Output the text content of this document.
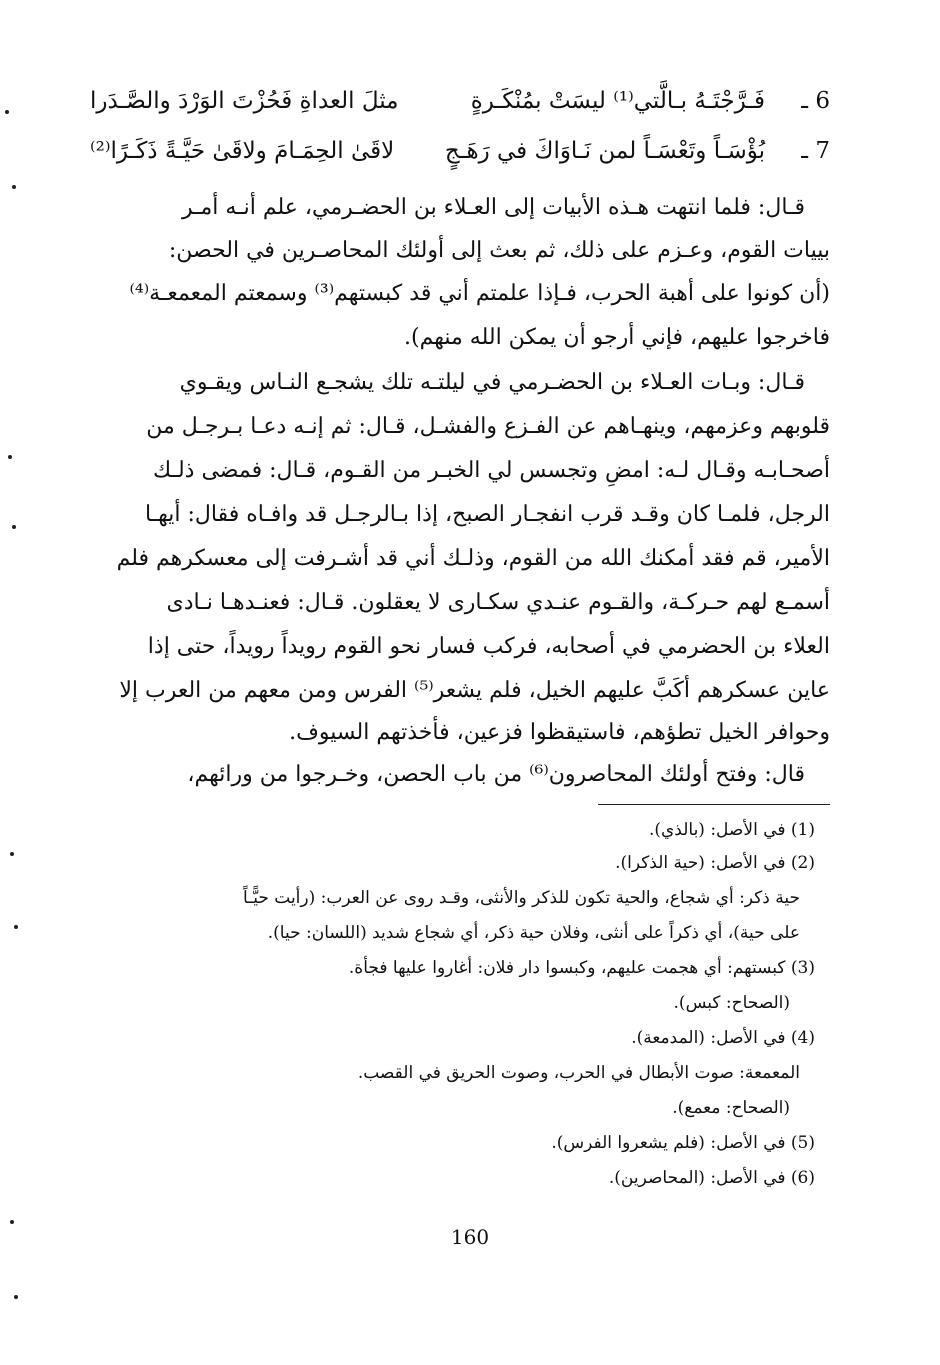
6 ـ
فَـرَّجْتَـهُ بـالَّتي⁽¹⁾ ليسَتْ بمُنْكَـرةٍ
مثلَ العداةِ فَحُزْتَ الوَرْدَ والصَّـدَرا
7 ـ
بُؤْسَـاً وتَعْسَـاً لمن نَـاوَاكَ في رَهَـجٍ
لاقَىٰ الحِمَـامَ ولاقَىٰ حَيَّـةً ذَكَـرًا⁽²⁾
قـال: فلما انتهت هـذه الأبيات إلى العـلاء بن الحضـرمي، علم أنـه أمـر
بييات القوم، وعـزم على ذلك، ثم بعث إلى أولئك المحاصـرين في الحصن:
(أن كونوا على أهبة الحرب، فـإذا علمتم أني قد كبستهم⁽³⁾ وسمعتم المعمعـة⁽⁴⁾
فاخرجوا عليهم، فإني أرجو أن يمكن الله منهم).
قـال: وبـات العـلاء بن الحضـرمي في ليلتـه تلك يشجـع النـاس ويقـوي
قلوبهم وعزمهم، وينهـاهم عن الفـزع والفشـل، قـال: ثم إنـه دعـا بـرجـل من
أصحـابـه وقـال لـه: امضِ وتجسس لي الخبـر من القـوم، قـال: فمضى ذلـك
الرجل، فلمـا كان وقـد قرب انفجـار الصبح، إذا بـالرجـل قد وافـاه فقال: أيهـا
الأمير، قم فقد أمكنك الله من القوم، وذلـك أني قد أشـرفت إلى معسكرهم فلم
أسمـع لهم حـركـة، والقـوم عنـدي سكـارى لا يعقلون. قـال: فعنـدهـا نـادى
العلاء بن الحضرمي في أصحابه، فركب فسار نحو القوم رويداً رويداً، حتى إذا
عاين عسكرهم أكَبَّ عليهم الخيل، فلم يشعر⁽⁵⁾ الفرس ومن معهم من العرب إلا
وحوافر الخيل تطؤهم، فاستيقظوا فزعين، فأخذتهم السيوف.
قال: وفتح أولئك المحاصرون⁽⁶⁾ من باب الحصن، وخـرجوا من ورائهم،
(1) في الأصل: (بالذي).
(2) في الأصل: (حية الذكرا).
حية ذكر: أي شجاع، والحية تكون للذكر والأنثى، وقـد روى عن العرب: (رأيت حيًّـاً
على حية)، أي ذكراً على أنثى، وفلان حية ذكر، أي شجاع شديد (اللسان: حيا).
(3) كبستهم: أي هجمت عليهم، وكبسوا دار فلان: أغاروا عليها فجأة.
(الصحاح: كبس).
(4) في الأصل: (المدمعة).
المعمعة: صوت الأبطال في الحرب، وصوت الحريق في القصب.
(الصحاح: معمع).
(5) في الأصل: (فلم يشعروا الفرس).
(6) في الأصل: (المحاصرين).
160
